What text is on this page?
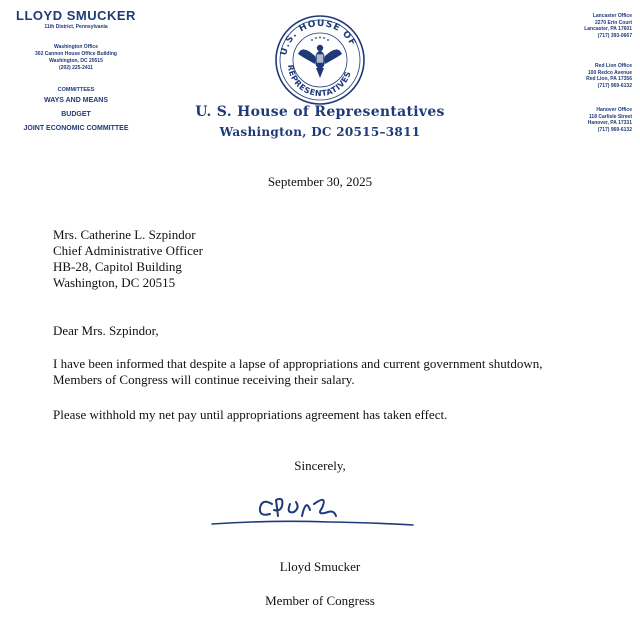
LLOYD SMUCKER
11th District, Pennsylvania
Washington Office
302 Cannon House Office Building
Washington, DC 20515
(202) 225-2411
COMMITTEES
WAYS AND MEANS
BUDGET
JOINT ECONOMIC COMMITTEE
U.S. HOUSE OF
REPRESENTATIVES
U. S. House of Representatives
Washington, DC 20515–3811
Lancaster Office
2270 Erin Court
Lancaster, PA 17601
(717) 393-0667
Red Lion Office
100 Redco Avenue
Red Lion, PA 17356
(717) 969-6132
Hanover Office
118 Carlisle Street
Hanover, PA 17331
(717) 969-6132
September 30, 2025
Mrs. Catherine L. Szpindor
Chief Administrative Officer
HB-28, Capitol Building
Washington, DC 20515
Dear Mrs. Szpindor,
I have been informed that despite a lapse of appropriations and current government shutdown,
Members of Congress will continue receiving their salary.
Please withhold my net pay until appropriations agreement has taken effect.
Sincerely,
Lloyd Smucker
Member of Congress
